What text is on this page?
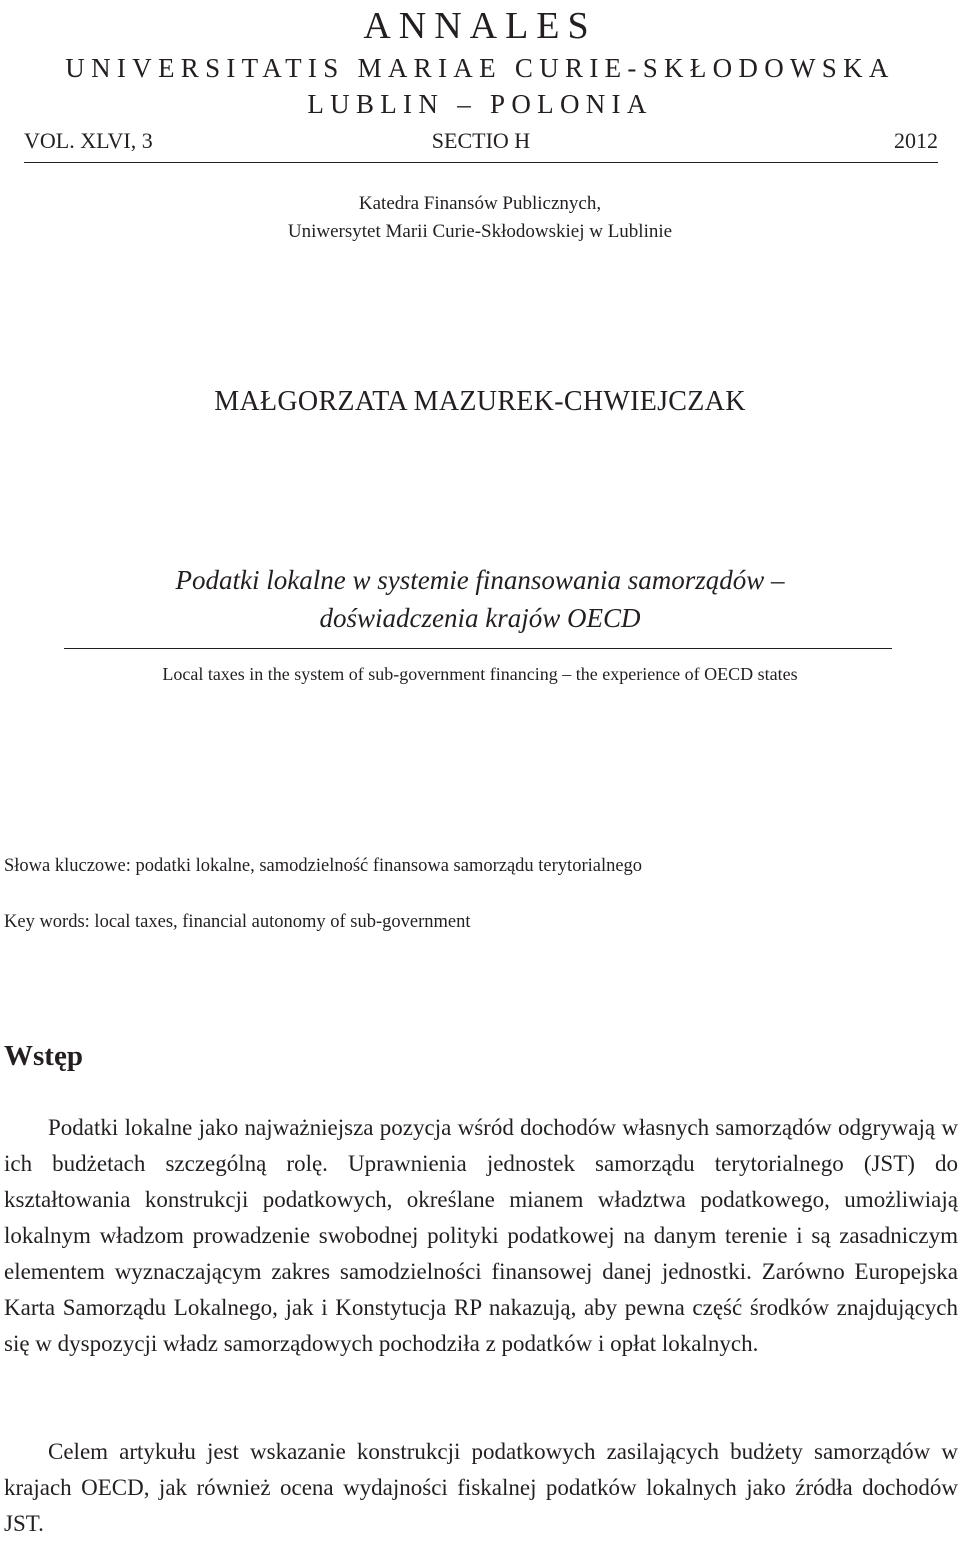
ANNALES
UNIVERSITATIS MARIAE CURIE-SKŁODOWSKA
LUBLIN – POLONIA
VOL. XLVI, 3	SECTIO H	2012
Katedra Finansów Publicznych,
Uniwersytet Marii Curie-Skłodowskiej w Lublinie
MAŁGORZATA MAZUREK-CHWIEJCZAK
Podatki lokalne w systemie finansowania samorządów –
doświadczenia krajów OECD
Local taxes in the system of sub-government financing – the experience of OECD states
Słowa kluczowe: podatki lokalne, samodzielność finansowa samorządu terytorialnego
Key words: local taxes, financial autonomy of sub-government
Wstęp
Podatki lokalne jako najważniejsza pozycja wśród dochodów własnych samorządów odgrywają w ich budżetach szczególną rolę. Uprawnienia jednostek samorządu terytorialnego (JST) do kształtowania konstrukcji podatkowych, określane mianem władztwa podatkowego, umożliwiają lokalnym władzom prowadzenie swobodnej polityki podatkowej na danym terenie i są zasadniczym elementem wyznaczającym zakres samodzielności finansowej danej jednostki. Zarówno Europejska Karta Samorządu Lokalnego, jak i Konstytucja RP nakazują, aby pewna część środków znajdujących się w dyspozycji władz samorządowych pochodziła z podatków i opłat lokalnych.
Celem artykułu jest wskazanie konstrukcji podatkowych zasilających budżety samorządów w krajach OECD, jak również ocena wydajności fiskalnej podatków lokalnych jako źródła dochodów JST.
